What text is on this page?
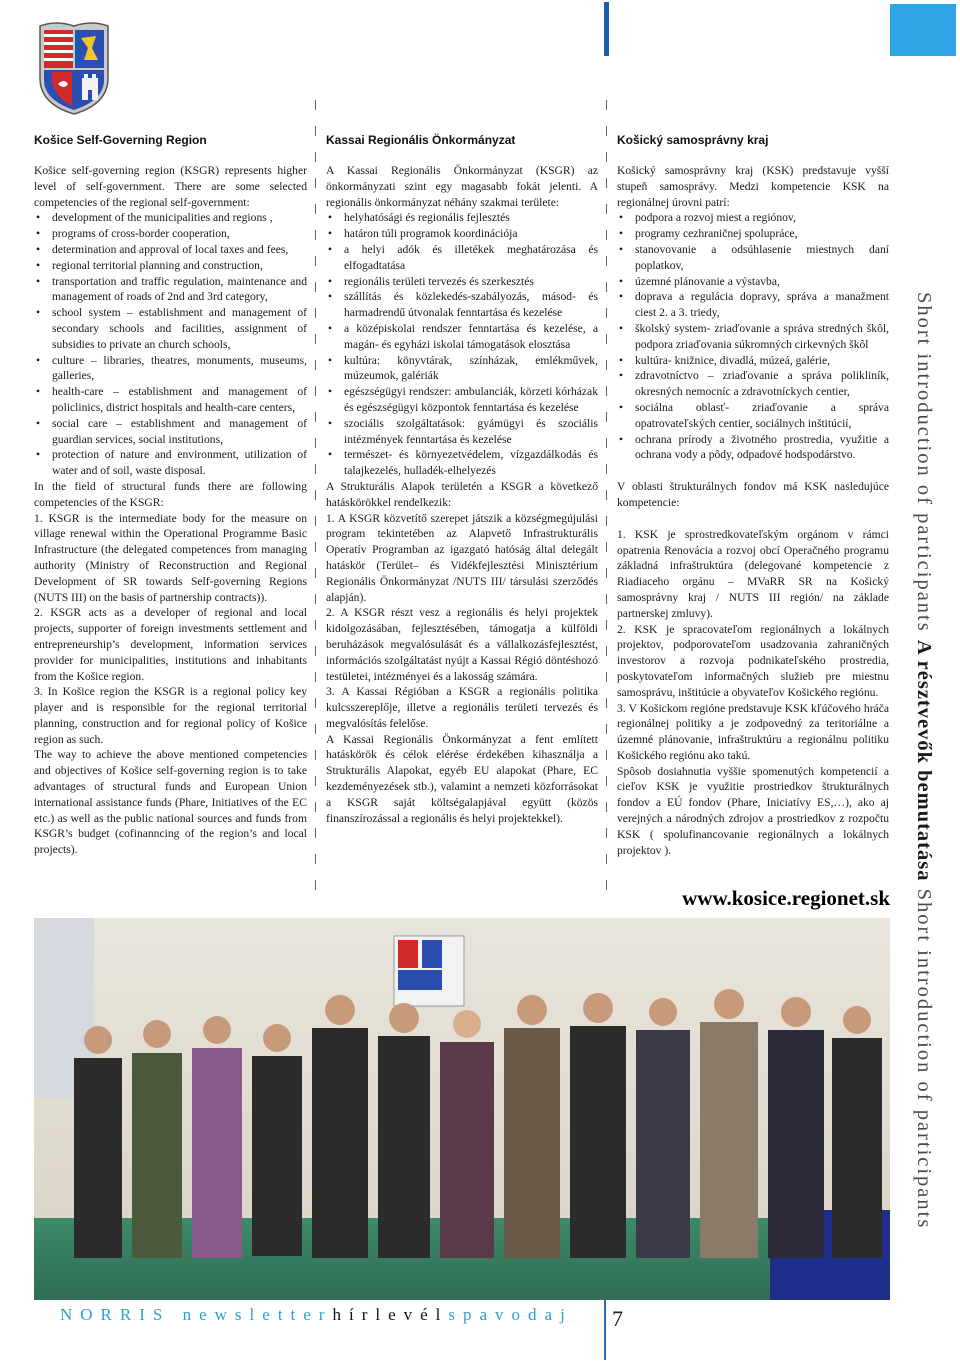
Košice Self-Governing Region	Kassai Regionális Önkormányzat	Košický samosprávny kraj

Košice self-governing region (KSGR) represents higher level of self-government. There are some selected competencies of the regional self-government:

• development of the municipalities and regions ,
• programs of cross-border cooperation,
• determination and approval of local taxes and fees,
• regional territorial planning and construction,
• transportation and traffic regulation, maintenance and management of roads of 2nd and 3rd category,
• school system – establishment and management of secondary schools and facilities, assignment of subsidies to private an church schools,
• culture – libraries, theatres, monuments, museums, galleries,
• health-care – establishment and management of policlinics, district hospitals and health-care centers,
• social care – establishment and management of guardian services, social institutions,
• protection of nature and environment, utilization of water and of soil, waste disposal.

In the field of structural funds there are following competencies of the KSGR:

1. KSGR is the intermediate body for the measure on village renewal within the Operational Programme Basic Infrastructure (the delegated competences from managing authority (Ministry of Reconstruction and Regional Development of SR towards Self-governing Regions (NUTS III) on the basis of partnership contracts)).

2. KSGR acts as a developer of regional and local projects, supporter of foreign investments settlement and entrepreneurship’s development, information services provider for municipalities, institutions and inhabitants from the Košice region.

3. In Košice region the KSGR is a regional policy key player and is responsible for the regional territorial planning, construction and for regional policy of Košice region as such.

The way to achieve the above mentioned competencies and objectives of Košice self-governing region is to take advantages of structural funds and European Union international assistance funds (Phare, Initiatives of the EC etc.) as well as the public national sources and funds from KSGR’s budget (cofinanncing of the region’s and local projects).

A Kassai Regionális Önkormányzat (KSGR) az önkormányzati szint egy magasabb fokát jelenti. A regionális önkormányzat néhány szakmai területe:

• helyhatósági és regionális fejlesztés
• határon túli programok koordinációja
• a helyi adók és illetékek meghatározása és elfogadtatása
• regionális területi tervezés és szerkesztés
• szállítás és közlekedés-szabályozás, másod- és harmadrendű útvonalak fenntartása és kezelése
• a középiskolai rendszer fenntartása és kezelése, a magán- és egyházi iskolai támogatások elosztása
• kultúra: könyvtárak, színházak, emlékművek, múzeumok, galériák
• egészségügyi rendszer: ambulanciák, körzeti kórházak és egészségügyi központok fenntartása és kezelése
• szociális szolgáltatások: gyámügyi és szociális intézmények fenntartása és kezelése
• természet- és környezetvédelem, vízgazdálkodás és talajkezelés, hulladék-elhelyezés

A Strukturális Alapok területén a KSGR a következő hatáskörökkel rendelkezik:

1. A KSGR közvetítő szerepet játszik a községmegújulási program tekintetében az Alapvető Infrastrukturális Operatív Programban az igazgató hatóság által delegált hatáskör (Terület– és Vidékfejlesztési Minisztérium Regionális Önkormányzat /NUTS III/ társulási szerződés alapján).

2. A KSGR részt vesz a regionális és helyi projektek kidolgozásában, fejlesztésében, támogatja a külföldi beruházások megvalósulását és a vállalkozásfejlesztést, információs szolgáltatást nyújt a Kassai Régió döntéshozó testületei, intézményei és a lakosság számára.

3. A Kassai Régióban a KSGR a regionális politika kulcsszereplője, illetve a regionális területi tervezés és megvalósítás felelőse.

A Kassai Regionális Önkormányzat a fent említett hatáskörök és célok elérése érdekében kihasználja a Strukturális Alapokat, egyéb EU alapokat (Phare, EC kezdeményezések stb.), valamint a nemzeti közforrásokat a KSGR saját költségalapjával együtt (közös finanszírozással a regionális és helyi projektekkel).

Košický samosprávny kraj (KSK) predstavuje vyšší stupeň samosprávy. Medzi kompetencie KSK na regionálnej úrovni patrí:

• podpora a rozvoj miest a regiónov,
• programy cezhraničnej spolupráce,
• stanovovanie a odsúhlasenie miestnych daní poplatkov,
• územné plánovanie a výstavba,
• doprava a regulácia dopravy, správa a manažment ciest 2. a 3. triedy,
• školský system- zriaďovanie a správa stredných škôl, podpora zriaďovania súkromných cirkevných škôl
• kultúra- knižnice, divadlá, múzeá, galérie,
• zdravotníctvo – zriaďovanie a správa polikliník, okresných nemocníc a zdravotníckych centier,
• sociálna oblasť- zriaďovanie a správa opatrovateľských centier, sociálnych inštitúcií,
• ochrana prírody a životného prostredia, využitie a ochrana vody a pôdy, odpadové hodspodárstvo.

V oblasti štrukturálnych fondov má KSK nasledujúce kompetencie:

1. KSK je sprostredkovateľským orgánom v rámci opatrenia Renovácia a rozvoj obcí Operačného programu základná infraštruktúra (delegované kompetencie z Riadiaceho orgánu – MVaRR SR na Košický samosprávny kraj / NUTS III región/ na základe partnerskej zmluvy).

2. KSK je spracovateľom regionálnych a lokálnych projektov, podporovateľom usadzovania zahraničných investorov a rozvoja podnikateľského prostredia, poskytovateľom informačných služieb pre miestnu samosprávu, inštitúcie a obyvateľov Košického regiónu.

3. V Košickom regióne predstavuje KSK kľúčového hráča regionálnej politiky a je zodpovedný za teritoriálne a územné plánovanie, infraštruktúru a regionálnu politiku Košického regiónu ako takú.

Spôsob dosiahnutia vyššie spomenutých kompetencií a cieľov KSK je využitie prostriedkov štrukturálnych fondov a EÚ fondov (Phare, Iniciatívy ES,…), ako aj verejných a národných zdrojov a prostriedkov z rozpočtu KSK ( spolufinancovanie regionálnych a lokálnych projektov ).

www.kosice.regionet.sk
Short introduction of participants A résztvevők bemutatása Short introduction of participants
NORRIS newsletterhírlevélspavodaj	7
